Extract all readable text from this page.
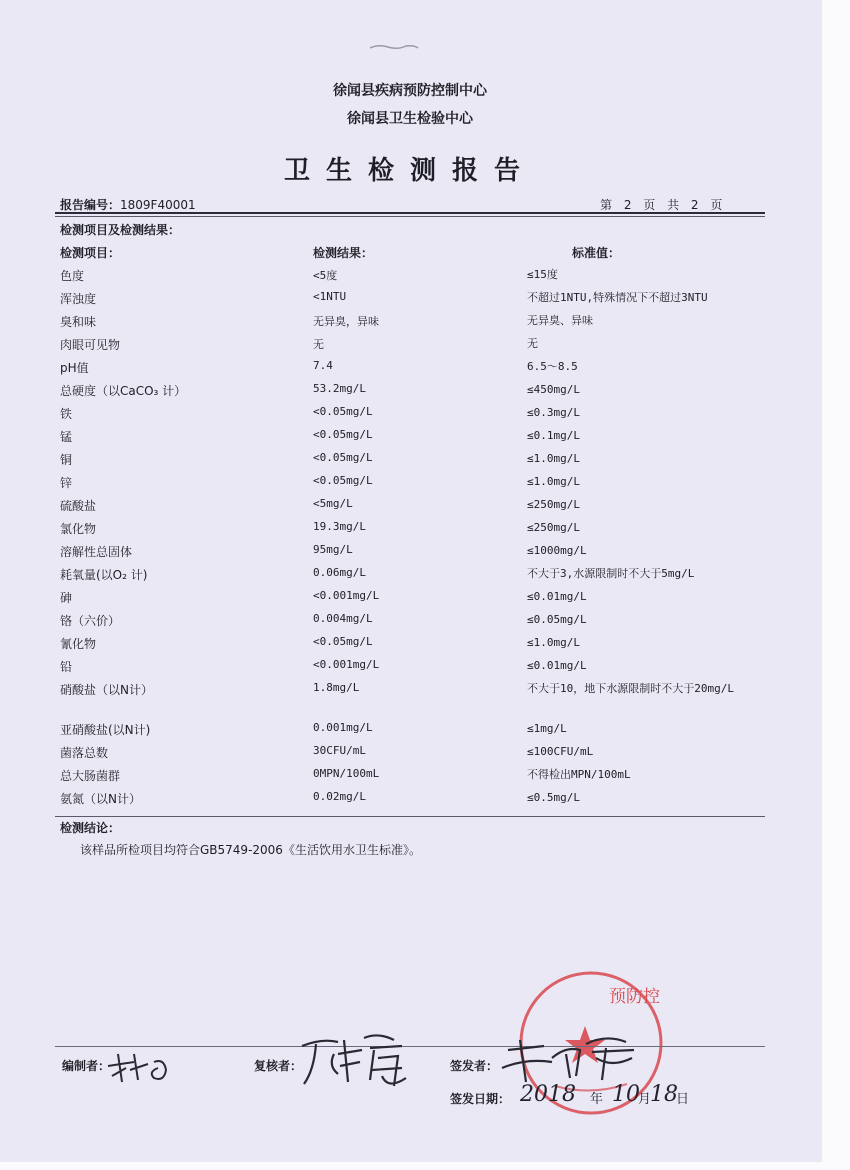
徐闻县疾病预防控制中心
徐闻县卫生检验中心
卫生检测报告
报告编号：1809F40001	第 2 页 共 2 页
检测项目及检测结果：
检测项目：	检测结果：	标准值：
色度	<5度	≤15度
浑浊度	<1NTU	不超过1NTU,特殊情况下不超过3NTU
臭和味	无异臭，异味	无异臭、异味
肉眼可见物	无	无
pH值	7.4	6.5～8.5
总硬度（以CaCO₃ 计）	53.2mg/L	≤450mg/L
铁	<0.05mg/L	≤0.3mg/L
锰	<0.05mg/L	≤0.1mg/L
铜	<0.05mg/L	≤1.0mg/L
锌	<0.05mg/L	≤1.0mg/L
硫酸盐	<5mg/L	≤250mg/L
氯化物	19.3mg/L	≤250mg/L
溶解性总固体	95mg/L	≤1000mg/L
耗氧量(以O₂ 计)	0.06mg/L	不大于3,水源限制时不大于5mg/L
砷	<0.001mg/L	≤0.01mg/L
铬（六价）	0.004mg/L	≤0.05mg/L
氰化物	<0.05mg/L	≤1.0mg/L
铅	<0.001mg/L	≤0.01mg/L
硝酸盐（以N计）	1.8mg/L	不大于10，地下水源限制时不大于20mg/L
亚硝酸盐(以N计)	0.001mg/L	≤1mg/L
菌落总数	30CFU/mL	≤100CFU/mL
总大肠菌群	0MPN/100mL	不得检出MPN/100mL
氨氮（以N计）	0.02mg/L	≤0.5mg/L
检测结论：
该样品所检项目均符合GB5749-2006《生活饮用水卫生标准》。
预防控
编制者：	复核者：	签发者：
签发日期： 2018 年 10
月
18
日
